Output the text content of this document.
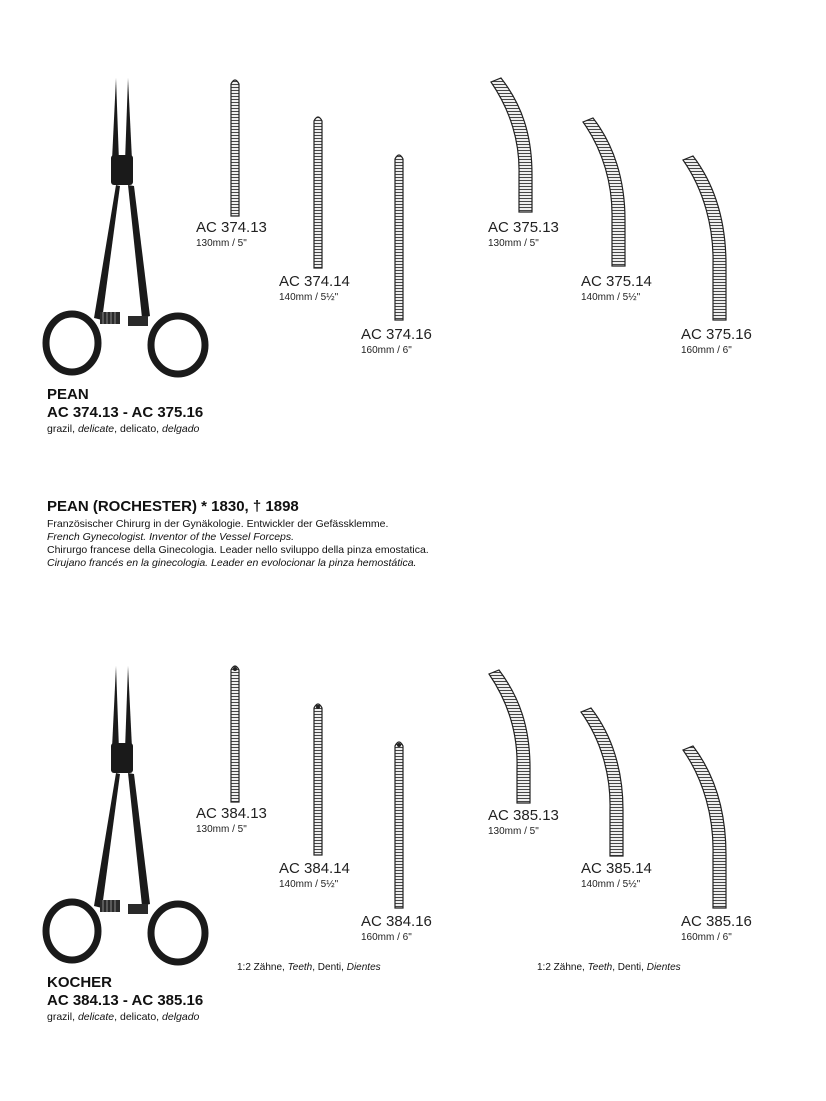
AC 374.13
130mm / 5"
AC 374.14
140mm / 5½"
AC 374.16
160mm / 6"
AC 375.13
130mm / 5"
AC 375.14
140mm / 5½"
AC 375.16
160mm / 6"
PEAN
AC 374.13 - AC 375.16
grazil, delicate, delicato, delgado
PEAN (ROCHESTER) * 1830, † 1898
Französischer Chirurg in der Gynäkologie. Entwickler der Gefässklemme.
French Gynecologist. Inventor of the Vessel Forceps.
Chirurgo francese della Ginecologia. Leader nello sviluppo della pinza emostatica.
Cirujano francés en la ginecologia. Leader en evolocionar la pinza hemostática.
AC 384.13
130mm / 5"
AC 384.14
140mm / 5½"
AC 384.16
160mm / 6"
AC 385.13
130mm / 5"
AC 385.14
140mm / 5½"
AC 385.16
160mm / 6"
1:2 Zähne, Teeth, Denti, Dientes	1:2 Zähne, Teeth, Denti, Dientes
KOCHER
AC 384.13 - AC 385.16
grazil, delicate, delicato, delgado
